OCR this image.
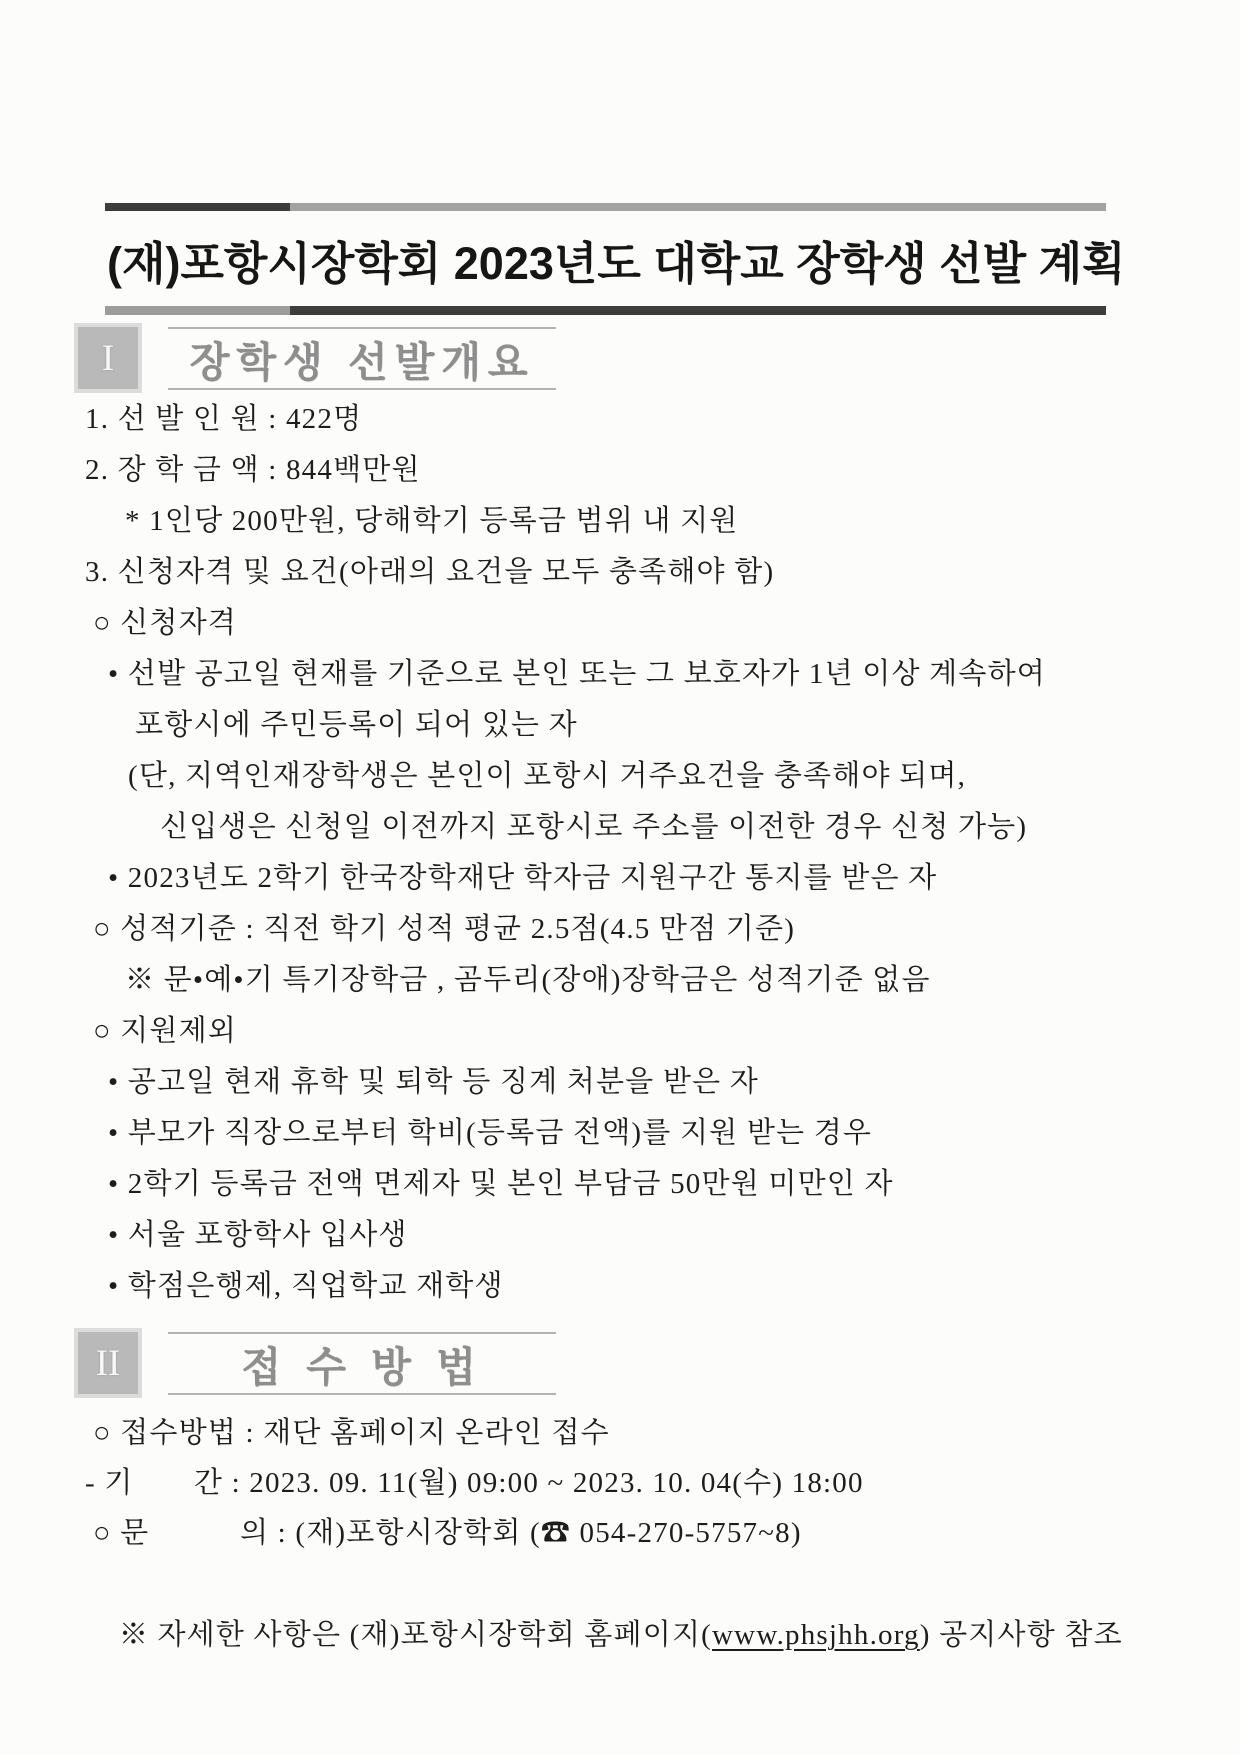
(재)포항시장학회 2023년도 대학교 장학생 선발 계획
I	장학생 선발개요
1. 선 발 인 원 : 422명
2. 장 학 금 액 : 844백만원
* 1인당 200만원, 당해학기 등록금 범위 내 지원
3. 신청자격 및 요건(아래의 요건을 모두 충족해야 함)
○ 신청자격
• 선발 공고일 현재를 기준으로 본인 또는 그 보호자가 1년 이상 계속하여
포항시에 주민등록이 되어 있는 자
(단, 지역인재장학생은 본인이 포항시 거주요건을 충족해야 되며,
신입생은 신청일 이전까지 포항시로 주소를 이전한 경우 신청 가능)
• 2023년도 2학기 한국장학재단 학자금 지원구간 통지를 받은 자
○ 성적기준 : 직전 학기 성적 평균 2.5점(4.5 만점 기준)
※ 문•예•기 특기장학금 , 곰두리(장애)장학금은 성적기준 없음
○ 지원제외
• 공고일 현재 휴학 및 퇴학 등 징계 처분을 받은 자
• 부모가 직장으로부터 학비(등록금 전액)를 지원 받는 경우
• 2학기 등록금 전액 면제자 및 본인 부담금 50만원 미만인 자
• 서울 포항학사 입사생
• 학점은행제, 직업학교 재학생
II	접 수 방 법
○ 접수방법 : 재단 홈페이지 온라인 접수
- 기　　간 : 2023. 09. 11(월) 09:00 ~ 2023. 10. 04(수) 18:00
○ 문　　　의 : (재)포항시장학회 (☎ 054-270-5757~8)

※ 자세한 사항은 (재)포항시장학회 홈페이지(www.phsjhh.org) 공지사항 참조
